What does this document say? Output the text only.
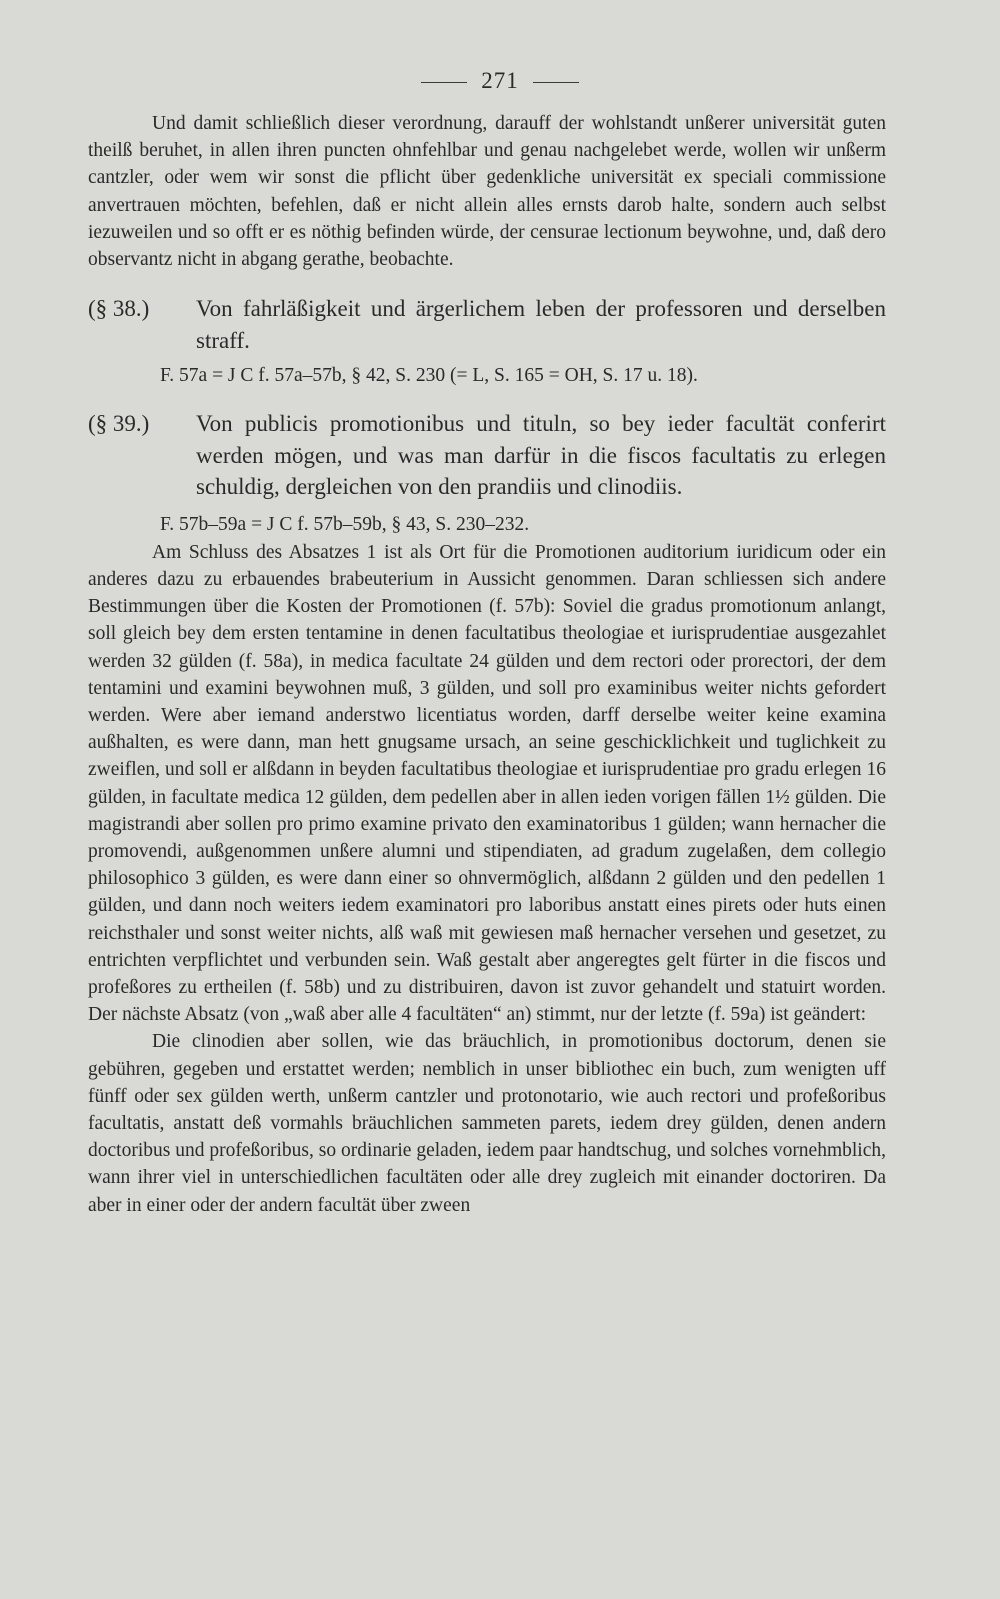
271

Und damit schließlich dieser verordnung, darauff der wohlstandt unßerer universität guten theilß beruhet, in allen ihren puncten ohnfehlbar und genau nachgelebet werde, wollen wir unßerm cantzler, oder wem wir sonst die pflicht über gedenkliche universität ex speciali commissione anvertrauen möchten, befehlen, daß er nicht allein alles ernsts darob halte, sondern auch selbst iezuweilen und so offt er es nöthig befinden würde, der censurae lectionum beywohne, und, daß dero observantz nicht in abgang gerathe, beobachte.

(§ 38.)	Von fahrläßigkeit und ärgerlichem leben der professoren und derselben straff.
F. 57a = J C f. 57a–57b, § 42, S. 230 (= L, S. 165 = OH, S. 17 u. 18).
(§ 39.)	Von publicis promotionibus und tituln, so bey ieder facultät conferirt werden mögen, und was man darfür in die fiscos facultatis zu erlegen schuldig, dergleichen von den prandiis und clinodiis.
F. 57b–59a = J C f. 57b–59b, § 43, S. 230–232.

Am Schluss des Absatzes 1 ist als Ort für die Promotionen auditorium iuridicum oder ein anderes dazu zu erbauendes brabeuterium in Aussicht genommen. Daran schliessen sich andere Bestimmungen über die Kosten der Promotionen (f. 57b): Soviel die gradus promotionum anlangt, soll gleich bey dem ersten tentamine in denen facultatibus theologiae et iurisprudentiae ausgezahlet werden 32 gülden (f. 58a), in medica facultate 24 gülden und dem rectori oder prorectori, der dem tentamini und examini beywohnen muß, 3 gülden, und soll pro examinibus weiter nichts gefordert werden. Were aber iemand anderstwo licentiatus worden, darff derselbe weiter keine examina außhalten, es were dann, man hett gnugsame ursach, an seine geschicklichkeit und tuglichkeit zu zweiflen, und soll er alßdann in beyden facultatibus theologiae et iurisprudentiae pro gradu erlegen 16 gülden, in facultate medica 12 gülden, dem pedellen aber in allen ieden vorigen fällen 1½ gülden. Die magistrandi aber sollen pro primo examine privato den examinatoribus 1 gülden; wann hernacher die promovendi, außgenommen unßere alumni und stipendiaten, ad gradum zugelaßen, dem collegio philosophico 3 gülden, es were dann einer so ohnvermöglich, alßdann 2 gülden und den pedellen 1 gülden, und dann noch weiters iedem examinatori pro laboribus anstatt eines pirets oder huts einen reichsthaler und sonst weiter nichts, alß waß mit gewiesen maß hernacher versehen und gesetzet, zu entrichten verpflichtet und verbunden sein. Waß gestalt aber angeregtes gelt fürter in die fiscos und profeßores zu ertheilen (f. 58b) und zu distribuiren, davon ist zuvor gehandelt und statuirt worden. Der nächste Absatz (von „waß aber alle 4 facultäten“ an) stimmt, nur der letzte (f. 59a) ist geändert:

Die clinodien aber sollen, wie das bräuchlich, in promotionibus doctorum, denen sie gebühren, gegeben und erstattet werden; nemblich in unser bibliothec ein buch, zum wenigten uff fünff oder sex gülden werth, unßerm cantzler und protonotario, wie auch rectori und profeßoribus facultatis, anstatt deß vormahls bräuchlichen sammeten parets, iedem drey gülden, denen andern doctoribus und profeßoribus, so ordinarie geladen, iedem paar handtschug, und solches vornehmblich, wann ihrer viel in unterschiedlichen facultäten oder alle drey zugleich mit einander doctoriren. Da aber in einer oder der andern facultät über zween
